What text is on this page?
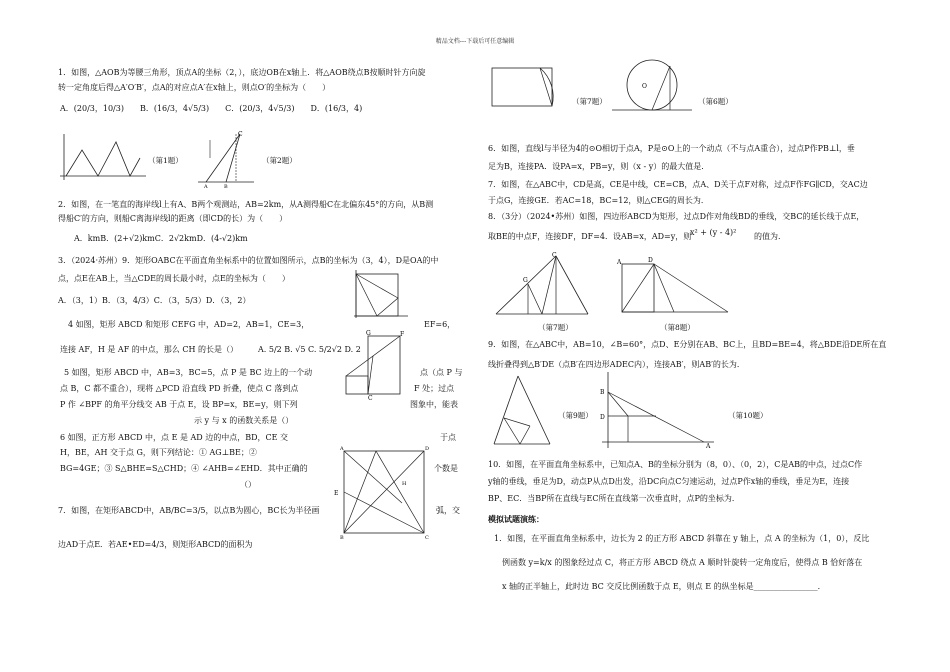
精品文档---下载后可任意编辑
1．如图，△AOB为等腰三角形，顶点A的坐标（2，），底边OB在x轴上．将△AOB绕点B按顺时针方向旋
转一定角度后得△A′O′B′，点A的对应点A′在x轴上，则点O′的坐标为（　　）
A．(20/3，10/3)　　B．(16/3，4√5/3)　　C．(20/3，4√5/3)　　D．(16/3，4)
（第1题）
C
A	B
（第2题）
2．如图，在一笔直的海岸线l上有A、B两个观测站，AB=2km，从A测得船C在北偏东45°的方向，从B测
得船C′的方向，则船C离海岸线l的距离（即CD的长）为（　　）
A．kmB．(2+√2)kmC．2√2kmD．(4-√2)km
3．（2024·苏州）9．矩形OABC在平面直角坐标系中的位置如图所示，点B的坐标为（3，4），D是OA的中
点，点E在AB上，当△CDE的周长最小时，点E的坐标为（　　）
A．（3，1）B．（3，4/3）C．（3，5/3）D．（3，2）
4 如图，矩形 ABCD 和矩形 CEFG 中，AD=2，AB=1，CE=3，	EF=6，
连接 AF，H 是 AF 的中点，那么 CH 的长是（）	A. 5/2 B. √5 C. 5/2√2 D. 2
F
G
C
5 如图，矩形 ABCD 中，AB=3，BC=5，点 P 是 BC 边上的一个动	点（点 P 与
点 B，C 都不重合），现将 △PCD 沿直线 PD 折叠，使点 C 落到点	F 处；过点
P 作 ∠BPF 的角平分线交 AB 于点 E，设 BP=x，BE=y，则下列	图象中，能表
示 y 与 x 的函数关系是（）
6 如图，正方形 ABCD 中，点 E 是 AD 边的中点，BD，CE 交	于点
H，BE，AH 交于点 G，则下列结论：① AG⊥BE；②
BG=4GE；③ S△BHE=S△CHD；④ ∠AHB=∠EHD．其中正确的	个数是
（）
E
A	D
B	C
H
7．如图，在矩形ABCD中，AB/BC=3/5，以点B为圆心，BC长为半径画	弧，交
边AD于点E．若AE•ED=4/3，则矩形ABCD的面积为
（第7题）
O
（第6题）
6．如图，直线l与半径为4的⊙O相切于点A，P是⊙O上的一个动点（不与点A重合），过点P作PB⊥l，垂
足为B，连接PA．设PA=x，PB=y，则（x - y）的最大值是．
7．如图，在△ABC中，CD是高，CE是中线，CE=CB，点A、D关于点F对称，过点F作FG∥CD，交AC边
于点G，连接GE．若AC=18，BC=12，则△CEG的周长为．
8．（3分）（2024•苏州）如图，四边形ABCD为矩形，过点D作对角线BD的垂线，交BC的延长线于点E，
取BE的中点F，连接DF，DF=4．设AB=x，AD=y，则
x² + (y - 4)² 的值为．
C
G
（第7题）
A	D
（第8题）
9．如图，在△ABC中，AB=10，∠B=60°，点D、E分别在AB、BC上，且BD=BE=4，将△BDE沿DE所在直
线折叠得到△B′DE（点B′在四边形ADEC内），连接AB′，则AB′的长为．
（第9题）
B
D
A
（第10题）
10．如图，在平面直角坐标系中，已知点A、B的坐标分别为（8，0）、（0，2），C是AB的中点，过点C作
y轴的垂线，垂足为D，动点P从点D出发，沿DC向点C匀速运动，过点P作x轴的垂线，垂足为E，连接
BP、EC．当BP所在直线与EC所在直线第一次垂直时，点P的坐标为．
模拟试题演练：
1．如图，在平面直角坐标系中，边长为 2 的正方形 ABCD 斜靠在 y 轴上，点 A 的坐标为（1，0），反比
例函数 y=k/x 的图象经过点 C，将正方形 ABCD 绕点 A 顺时针旋转一定角度后，使得点 B 恰好落在
x 轴的正半轴上，此时边 BC 交反比例函数于点 E，则点 E 的纵坐标是________________．
